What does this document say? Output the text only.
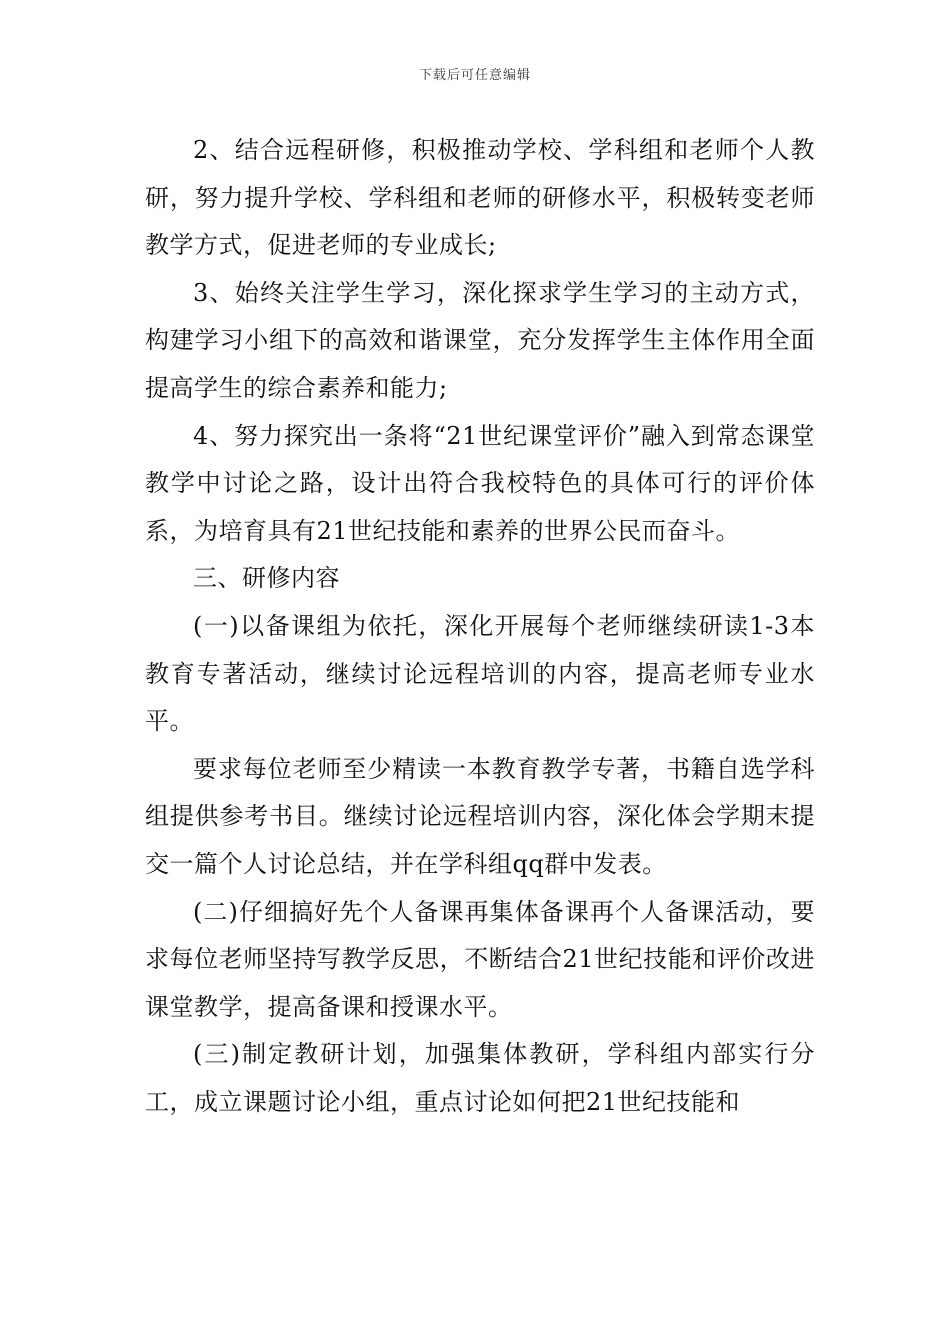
下载后可任意编辑

2、结合远程研修，积极推动学校、学科组和老师个人教研，努力提升学校、学科组和老师的研修水平，积极转变老师教学方式，促进老师的专业成长;

3、始终关注学生学习，深化探求学生学习的主动方式，构建学习小组下的高效和谐课堂，充分发挥学生主体作用全面提高学生的综合素养和能力;

4、努力探究出一条将“21世纪课堂评价”融入到常态课堂教学中讨论之路，设计出符合我校特色的具体可行的评价体系，为培育具有21世纪技能和素养的世界公民而奋斗。

三、研修内容

(一)以备课组为依托，深化开展每个老师继续研读1-3本教育专著活动，继续讨论远程培训的内容，提高老师专业水平。

要求每位老师至少精读一本教育教学专著，书籍自选学科组提供参考书目。继续讨论远程培训内容，深化体会学期末提交一篇个人讨论总结，并在学科组qq群中发表。

(二)仔细搞好先个人备课再集体备课再个人备课活动，要求每位老师坚持写教学反思，不断结合21世纪技能和评价改进课堂教学，提高备课和授课水平。

(三)制定教研计划，加强集体教研，学科组内部实行分工，成立课题讨论小组，重点讨论如何把21世纪技能和
